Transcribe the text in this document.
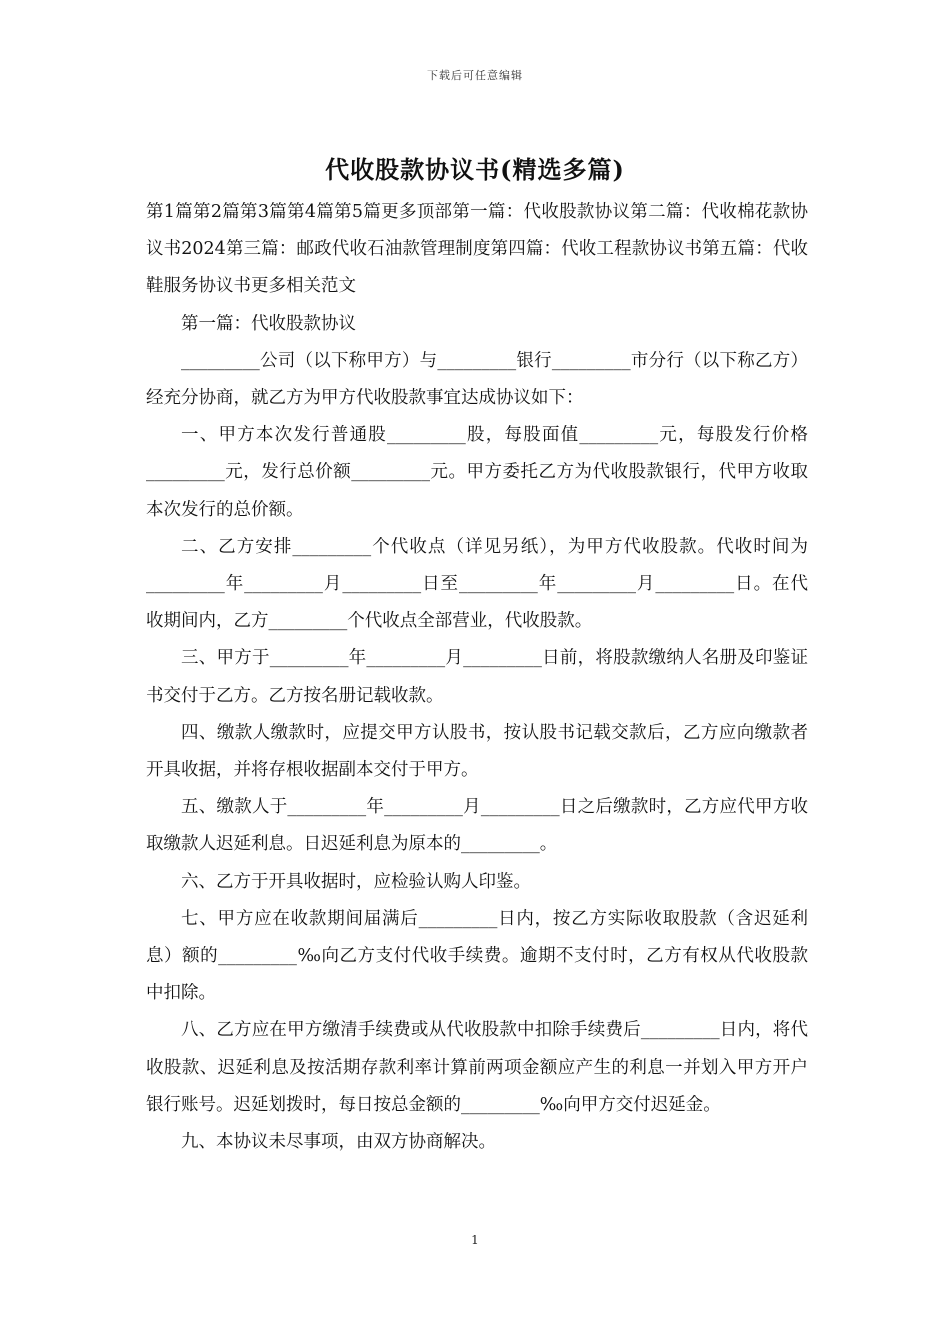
下载后可任意编辑
代收股款协议书(精选多篇)

第1篇第2篇第3篇第4篇第5篇更多顶部第一篇：代收股款协议第二篇：代收棉花款协议书2024第三篇：邮政代收石油款管理制度第四篇：代收工程款协议书第五篇：代收鞋服务协议书更多相关范文

第一篇：代收股款协议

_________公司（以下称甲方）与_________银行_________市分行（以下称乙方）经充分协商，就乙方为甲方代收股款事宜达成协议如下：

一、甲方本次发行普通股_________股，每股面值_________元，每股发行价格_________元，发行总价额_________元。甲方委托乙方为代收股款银行，代甲方收取本次发行的总价额。

二、乙方安排_________个代收点（详见另纸），为甲方代收股款。代收时间为_________年_________月_________日至_________年_________月_________日。在代收期间内，乙方_________个代收点全部营业，代收股款。

三、甲方于_________年_________月_________日前，将股款缴纳人名册及印鉴证书交付于乙方。乙方按名册记载收款。

四、缴款人缴款时，应提交甲方认股书，按认股书记载交款后，乙方应向缴款者开具收据，并将存根收据副本交付于甲方。

五、缴款人于_________年_________月_________日之后缴款时，乙方应代甲方收取缴款人迟延利息。日迟延利息为原本的_________。

六、乙方于开具收据时，应检验认购人印鉴。

七、甲方应在收款期间届满后_________日内，按乙方实际收取股款（含迟延利息）额的_________‰向乙方支付代收手续费。逾期不支付时，乙方有权从代收股款中扣除。

八、乙方应在甲方缴清手续费或从代收股款中扣除手续费后_________日内，将代收股款、迟延利息及按活期存款利率计算前两项金额应产生的利息一并划入甲方开户银行账号。迟延划拨时，每日按总金额的_________‰向甲方交付迟延金。

九、本协议未尽事项，由双方协商解决。

1
